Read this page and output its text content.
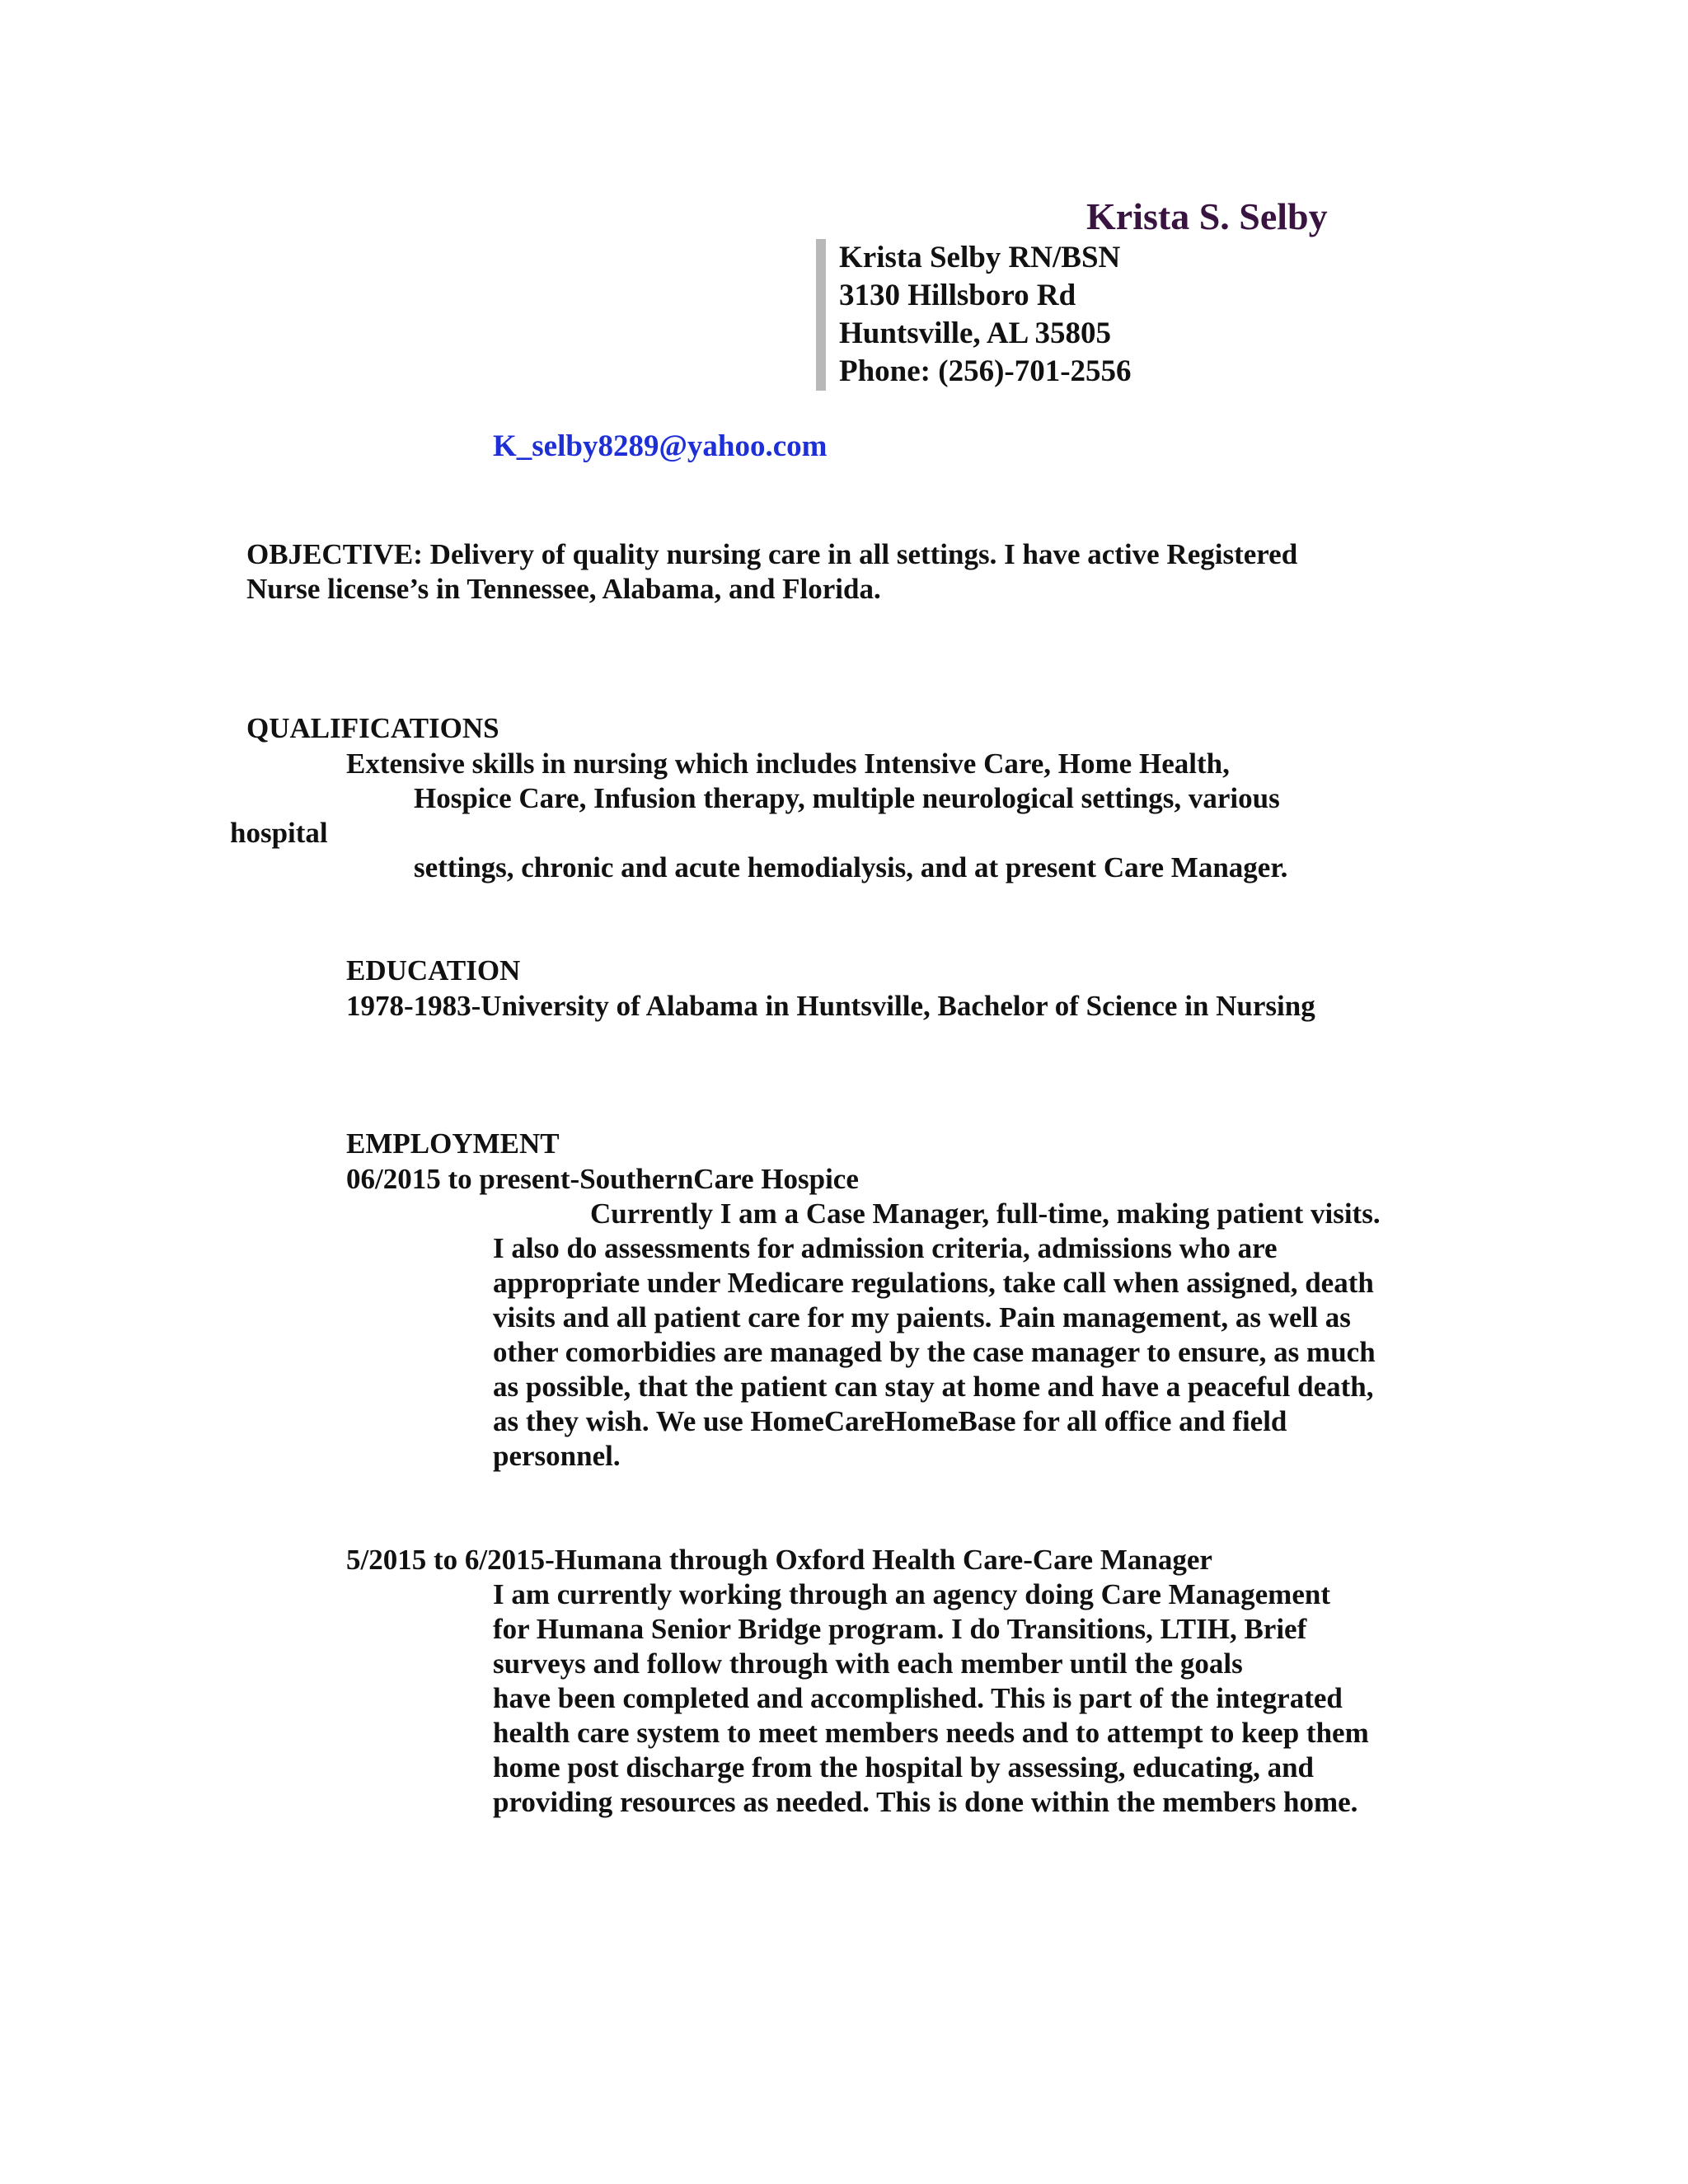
Krista S. Selby
Krista Selby RN/BSN
3130 Hillsboro Rd
Huntsville, AL 35805
Phone: (256)-701-2556
K_selby8289@yahoo.com
OBJECTIVE: Delivery of quality nursing care in all settings. I have active Registered
Nurse license’s in Tennessee, Alabama, and Florida.
QUALIFICATIONS
Extensive skills in nursing which includes Intensive Care, Home Health,
Hospice Care, Infusion therapy, multiple neurological settings, various
hospital
settings, chronic and acute hemodialysis, and at present Care Manager.
EDUCATION
1978-1983-University of Alabama in Huntsville, Bachelor of Science in Nursing
EMPLOYMENT
06/2015 to present-SouthernCare Hospice
Currently I am a Case Manager, full-time, making patient visits.
I also do assessments for admission criteria, admissions who are
appropriate under Medicare regulations, take call when assigned, death
visits and all patient care for my paients. Pain management, as well as
other comorbidies are managed by the case manager to ensure, as much
as possible, that the patient can stay at home and have a peaceful death,
as they wish. We use HomeCareHomeBase for all office and field
personnel.
5/2015 to 6/2015-Humana through Oxford Health Care-Care Manager
I am currently working through an agency doing Care Management
for Humana Senior Bridge program. I do Transitions, LTIH, Brief
surveys and follow through with each member until the goals
have been completed and accomplished. This is part of the integrated
health care system to meet members needs and to attempt to keep them
home post discharge from the hospital by assessing, educating, and
providing resources as needed. This is done within the members home.
